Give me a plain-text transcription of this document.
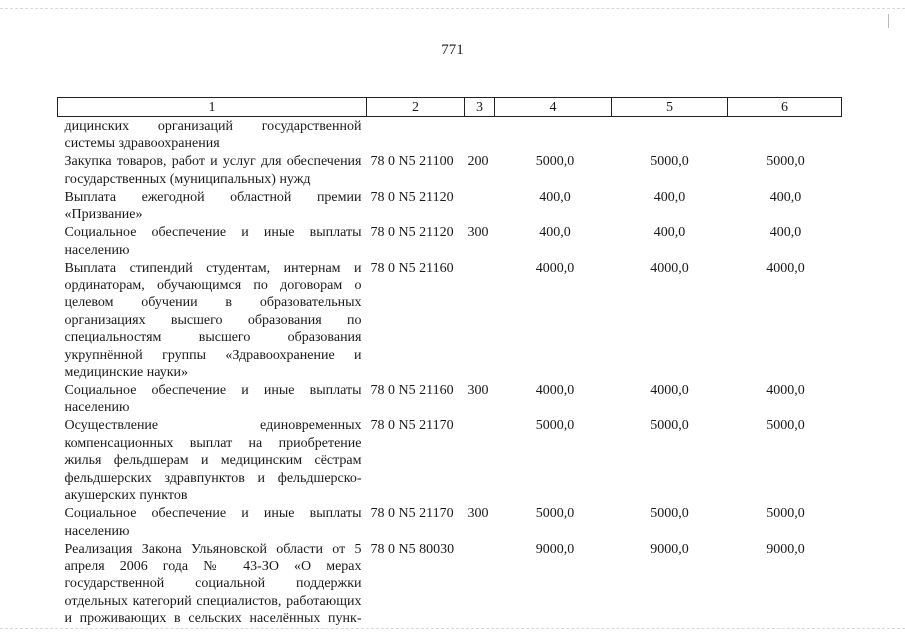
771
1	2	3	4	5	6
дицинских организаций государственной системы здравоохранения					
Закупка товаров, работ и услуг для обеспечения государственных (муниципальных) нужд	78 0 N5 21100	200	5000,0	5000,0	5000,0
Выплата ежегодной областной премии «Призвание»	78 0 N5 21120		400,0	400,0	400,0
Социальное обеспечение и иные выплаты населению	78 0 N5 21120	300	400,0	400,0	400,0
Выплата стипендий студентам, интернам и ординаторам, обучающимся по договорам о целевом обучении в образовательных организациях высшего образования по специальностям высшего образования укрупнённой группы «Здравоохранение и медицинские науки»	78 0 N5 21160		4000,0	4000,0	4000,0
Социальное обеспечение и иные выплаты населению	78 0 N5 21160	300	4000,0	4000,0	4000,0
Осуществление единовременных компенсационных выплат на приобретение жилья фельдшерам и медицинским сёстрам фельдшерских здравпунктов и фельдшерско-акушерских пунктов	78 0 N5 21170		5000,0	5000,0	5000,0
Социальное обеспечение и иные выплаты населению	78 0 N5 21170	300	5000,0	5000,0	5000,0
Реализация Закона Ульяновской области от 5 апреля 2006 года № 43-ЗО «О мерах государственной социальной поддержки отдельных категорий специалистов, работающих и проживающих в сельских населённых пунк-	78 0 N5 80030		9000,0	9000,0	9000,0
